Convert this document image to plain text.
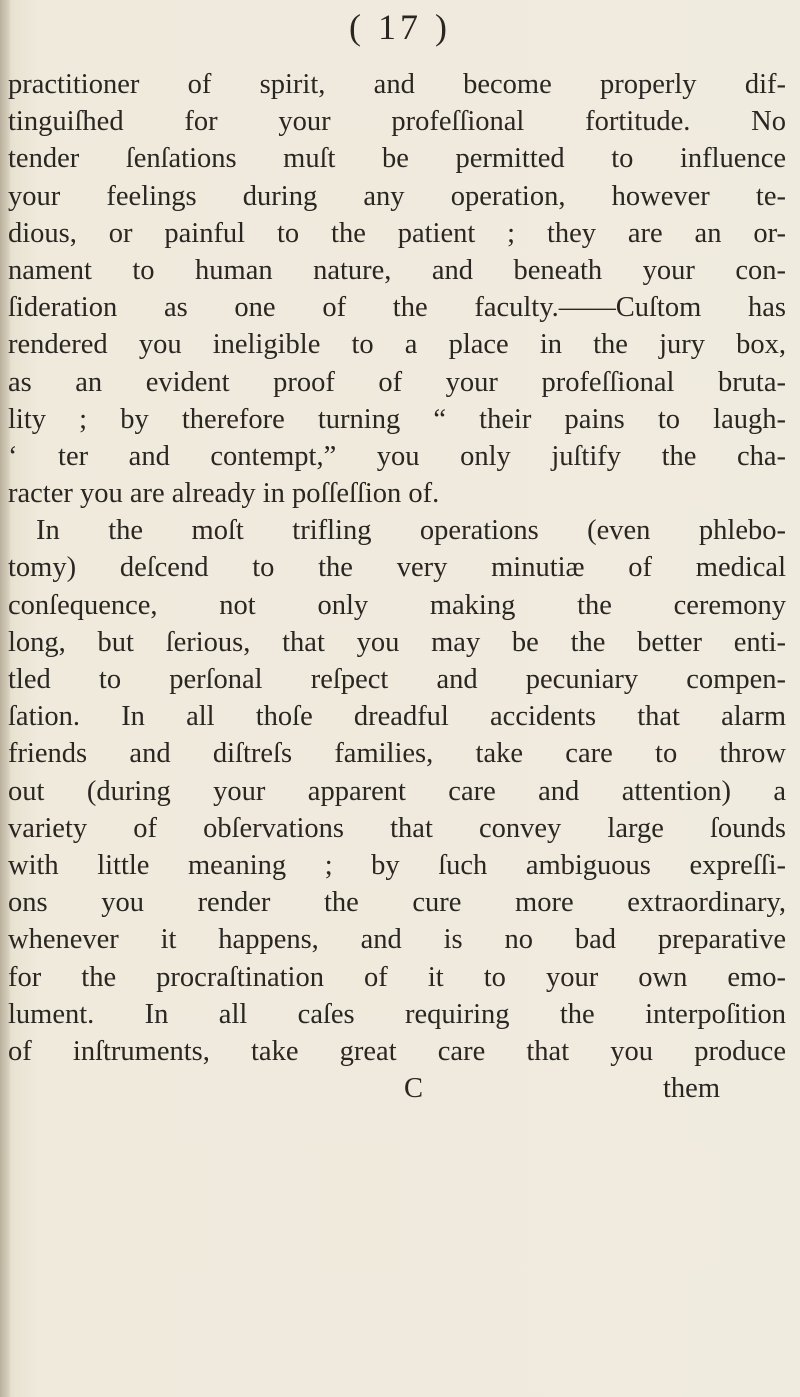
( 17 )
practitioner of spirit, and become properly dif-
tinguiſhed for your profeſſional fortitude. No
tender ſenſations muſt be permitted to influence
your feelings during any operation, however te-
dious, or painful to the patient ; they are an or-
nament to human nature, and beneath your con-
ſideration as one of the faculty.——Cuſtom has
rendered you ineligible to a place in the jury box,
as an evident proof of your profeſſional bruta-
lity ; by therefore turning “ their pains to laugh-
‘ ter and contempt,” you only juſtify the cha-
racter you are already in poſſeſſion of.
In the moſt trifling operations (even phlebo-
tomy) deſcend to the very minutiæ of medical
conſequence, not only making the ceremony
long, but ſerious, that you may be the better enti-
tled to perſonal reſpect and pecuniary compen-
ſation. In all thoſe dreadful accidents that alarm
friends and diſtreſs families, take care to throw
out (during your apparent care and attention) a
variety of obſervations that convey large ſounds
with little meaning ; by ſuch ambiguous expreſſi-
ons you render the cure more extraordinary,
whenever it happens, and is no bad preparative
for the procraſtination of it to your own emo-
lument. In all caſes requiring the interpoſition
of inſtruments, take great care that you produce
C	them
